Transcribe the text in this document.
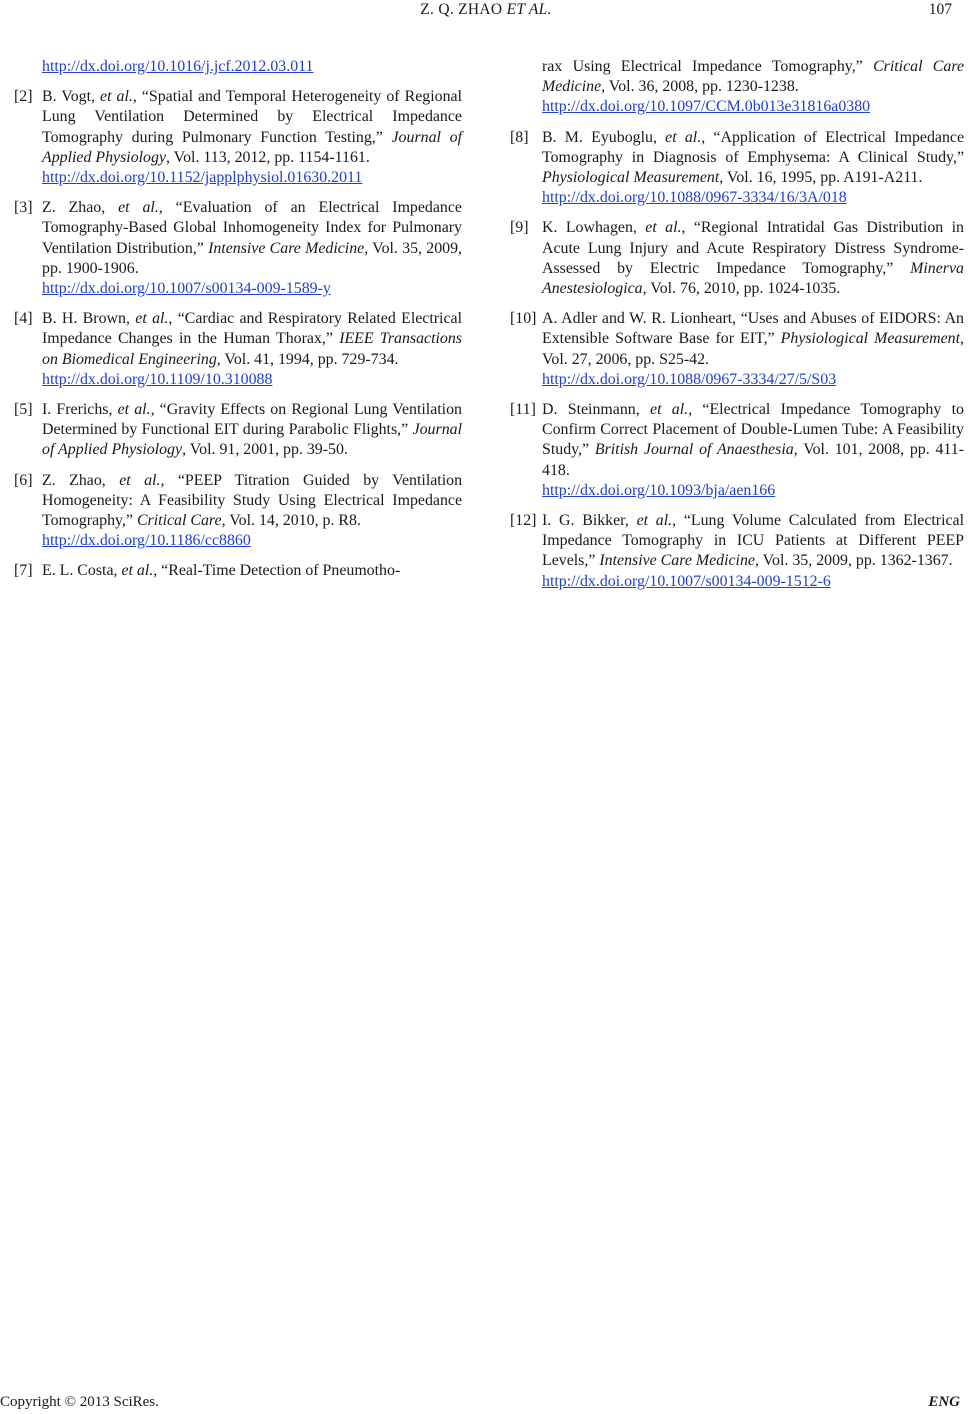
Z. Q. ZHAO ET AL.	107
http://dx.doi.org/10.1016/j.jcf.2012.03.011
[2] B. Vogt, et al., “Spatial and Temporal Heterogeneity of Regional Lung Ventilation Determined by Electrical Impedance Tomography during Pulmonary Function Testing,” Journal of Applied Physiology, Vol. 113, 2012, pp. 1154-1161.
http://dx.doi.org/10.1152/japplphysiol.01630.2011
[3] Z. Zhao, et al., “Evaluation of an Electrical Impedance Tomography-Based Global Inhomogeneity Index for Pulmonary Ventilation Distribution,” Intensive Care Medicine, Vol. 35, 2009, pp. 1900-1906.
http://dx.doi.org/10.1007/s00134-009-1589-y
[4] B. H. Brown, et al., “Cardiac and Respiratory Related Electrical Impedance Changes in the Human Thorax,” IEEE Transactions on Biomedical Engineering, Vol. 41, 1994, pp. 729-734.
http://dx.doi.org/10.1109/10.310088
[5] I. Frerichs, et al., “Gravity Effects on Regional Lung Ventilation Determined by Functional EIT during Parabolic Flights,” Journal of Applied Physiology, Vol. 91, 2001, pp. 39-50.
[6] Z. Zhao, et al., “PEEP Titration Guided by Ventilation Homogeneity: A Feasibility Study Using Electrical Impedance Tomography,” Critical Care, Vol. 14, 2010, p. R8.
http://dx.doi.org/10.1186/cc8860
[7] E. L. Costa, et al., “Real-Time Detection of Pneumotho-
rax Using Electrical Impedance Tomography,” Critical Care Medicine, Vol. 36, 2008, pp. 1230-1238.
http://dx.doi.org/10.1097/CCM.0b013e31816a0380
[8] B. M. Eyuboglu, et al., “Application of Electrical Impedance Tomography in Diagnosis of Emphysema: A Clinical Study,” Physiological Measurement, Vol. 16, 1995, pp. A191-A211.
http://dx.doi.org/10.1088/0967-3334/16/3A/018
[9] K. Lowhagen, et al., “Regional Intratidal Gas Distribution in Acute Lung Injury and Acute Respiratory Distress Syndrome-Assessed by Electric Impedance Tomography,” Minerva Anestesiologica, Vol. 76, 2010, pp. 1024-1035.
[10] A. Adler and W. R. Lionheart, “Uses and Abuses of EIDORS: An Extensible Software Base for EIT,” Physiological Measurement, Vol. 27, 2006, pp. S25-42.
http://dx.doi.org/10.1088/0967-3334/27/5/S03
[11] D. Steinmann, et al., “Electrical Impedance Tomography to Confirm Correct Placement of Double-Lumen Tube: A Feasibility Study,” British Journal of Anaesthesia, Vol. 101, 2008, pp. 411-418.
http://dx.doi.org/10.1093/bja/aen166
[12] I. G. Bikker, et al., “Lung Volume Calculated from Electrical Impedance Tomography in ICU Patients at Different PEEP Levels,” Intensive Care Medicine, Vol. 35, 2009, pp. 1362-1367.
http://dx.doi.org/10.1007/s00134-009-1512-6
Copyright © 2013 SciRes.	ENG
